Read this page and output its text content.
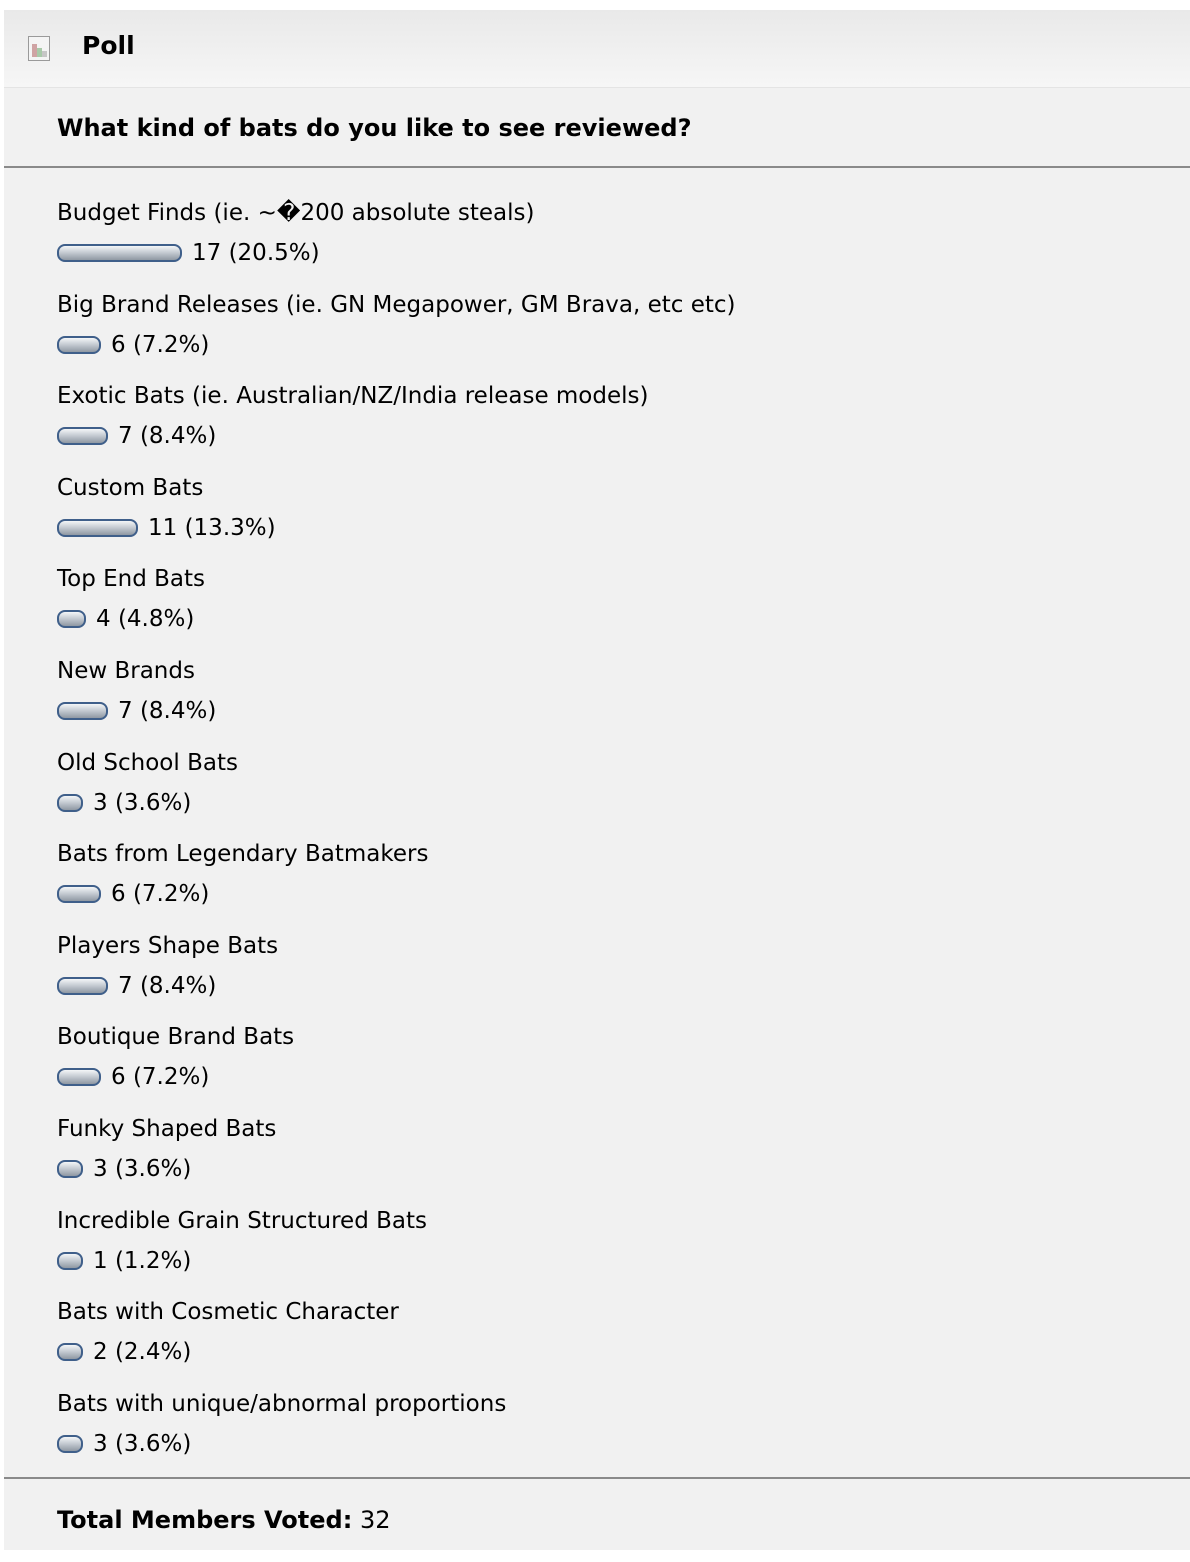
Poll
What kind of bats do you like to see reviewed?
Budget Finds (ie. ~�200 absolute steals)
17 (20.5%)
Big Brand Releases (ie. GN Megapower, GM Brava, etc etc)
6 (7.2%)
Exotic Bats (ie. Australian/NZ/India release models)
7 (8.4%)
Custom Bats
11 (13.3%)
Top End Bats
4 (4.8%)
New Brands
7 (8.4%)
Old School Bats
3 (3.6%)
Bats from Legendary Batmakers
6 (7.2%)
Players Shape Bats
7 (8.4%)
Boutique Brand Bats
6 (7.2%)
Funky Shaped Bats
3 (3.6%)
Incredible Grain Structured Bats
1 (1.2%)
Bats with Cosmetic Character
2 (2.4%)
Bats with unique/abnormal proportions
3 (3.6%)
Total Members Voted: 32
